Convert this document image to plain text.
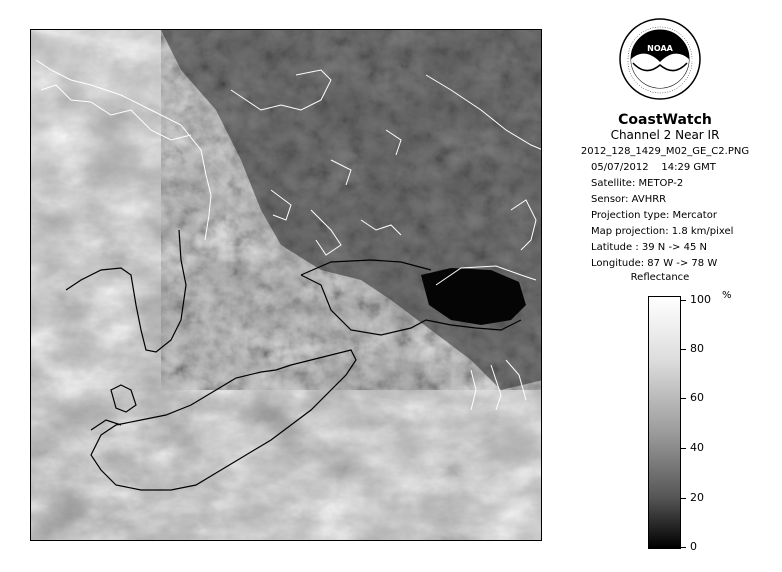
NOAA
CoastWatch
Channel 2 Near IR
2012_128_1429_M02_GE_C2.PNG
05/07/2012 14:29 GMT
Satellite: METOP-2
Sensor: AVHRR
Projection type: Mercator
Map projection: 1.8 km/pixel
Latitude : 39 N -> 45 N
Longitude: 87 W -> 78 W
Reflectance
100
80
60
40
20
0
%
